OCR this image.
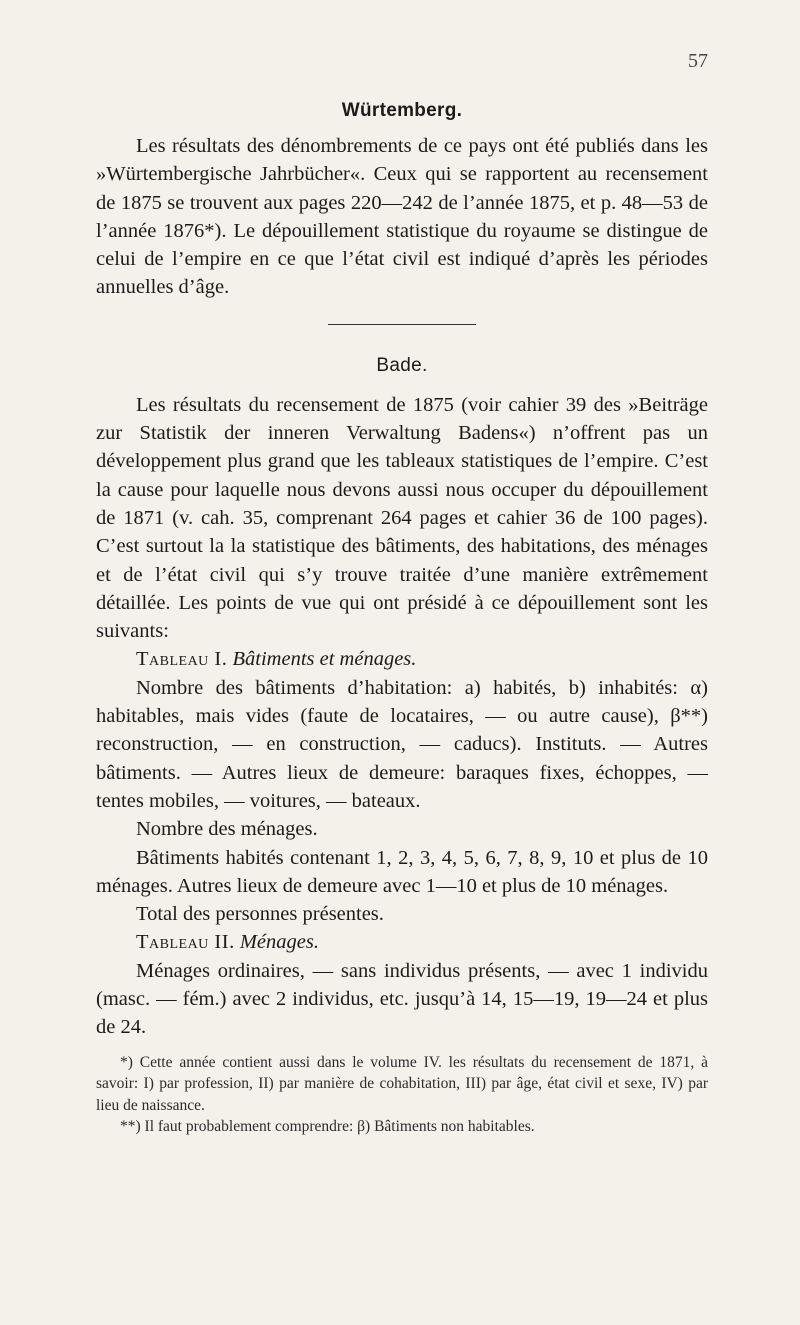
57
Würtemberg.

Les résultats des dénombrements de ce pays ont été publiés dans les »Würtembergische Jahrbücher«. Ceux qui se rapportent au recensement de 1875 se trouvent aux pages 220—242 de l’année 1875, et p. 48—53 de l’année 1876*). Le dépouillement statistique du royaume se distingue de celui de l’empire en ce que l’état civil est indiqué d’après les périodes annuelles d’âge.

Bade.

Les résultats du recensement de 1875 (voir cahier 39 des »Beiträge zur Statistik der inneren Verwaltung Badens«) n’offrent pas un développement plus grand que les tableaux statistiques de l’empire. C’est la cause pour laquelle nous devons aussi nous occuper du dépouillement de 1871 (v. cah. 35, comprenant 264 pages et cahier 36 de 100 pages). C’est surtout la la statistique des bâtiments, des habitations, des ménages et de l’état civil qui s’y trouve traitée d’une manière extrêmement détaillée. Les points de vue qui ont présidé à ce dépouillement sont les suivants:

Tableau I. Bâtiments et ménages.

Nombre des bâtiments d’habitation: a) habités, b) inhabités: α) habitables, mais vides (faute de locataires, — ou autre cause), β**) reconstruction, — en construction, — caducs). Instituts. — Autres bâtiments. — Autres lieux de demeure: baraques fixes, échoppes, — tentes mobiles, — voitures, — bateaux.

Nombre des ménages.

Bâtiments habités contenant 1, 2, 3, 4, 5, 6, 7, 8, 9, 10 et plus de 10 ménages. Autres lieux de demeure avec 1—10 et plus de 10 ménages.

Total des personnes présentes.

Tableau II. Ménages.

Ménages ordinaires, — sans individus présents, — avec 1 individu (masc. — fém.) avec 2 individus, etc. jusqu’à 14, 15—19, 19—24 et plus de 24.

*) Cette année contient aussi dans le volume IV. les résultats du recensement de 1871, à savoir: I) par profession, II) par manière de cohabitation, III) par âge, état civil et sexe, IV) par lieu de naissance.

**) Il faut probablement comprendre: β) Bâtiments non habitables.
